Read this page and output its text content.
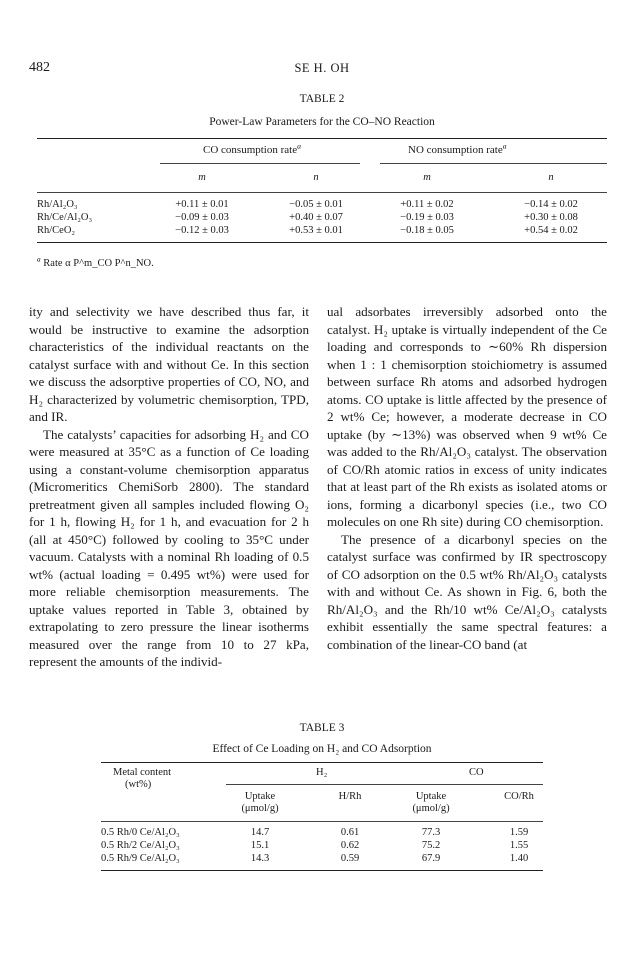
482	SE H. OH
TABLE 2
Power-Law Parameters for the CO–NO Reaction
CO consumption rate$^a$	NO consumption rate$^a$
m	n	m	n
Rh/Al₂O₃	+0.11 ± 0.01	−0.05 ± 0.01	+0.11 ± 0.02	−0.14 ± 0.02
Rh/Ce/Al₂O₃	−0.09 ± 0.03	+0.40 ± 0.07	−0.19 ± 0.03	+0.30 ± 0.08
Rh/CeO₂	−0.12 ± 0.03	+0.53 ± 0.01	−0.18 ± 0.05	+0.54 ± 0.02
$^a$ Rate α P^m_CO P^n_NO.

ity and selectivity we have described thus far, it would be instructive to examine the adsorption characteristics of the individual reactants on the catalyst surface with and without Ce. In this section we discuss the adsorptive properties of CO, NO, and H₂ characterized by volumetric chemisorption, TPD, and IR.

The catalysts’ capacities for adsorbing H₂ and CO were measured at 35°C as a function of Ce loading using a constant-volume chemisorption apparatus (Micromeritics ChemiSorb 2800). The standard pretreatment given all samples included flowing O₂ for 1 h, flowing H₂ for 1 h, and evacuation for 2 h (all at 450°C) followed by cooling to 35°C under vacuum. Catalysts with a nominal Rh loading of 0.5 wt% (actual loading = 0.495 wt%) were used for more reliable chemisorption measurements. The uptake values reported in Table 3, obtained by extrapolating to zero pressure the linear isotherms measured over the range from 10 to 27 kPa, represent the amounts of the individ-

ual adsorbates irreversibly adsorbed onto the catalyst. H₂ uptake is virtually independent of the Ce loading and corresponds to ∼60% Rh dispersion when 1 : 1 chemisorption stoichiometry is assumed between surface Rh atoms and adsorbed hydrogen atoms. CO uptake is little affected by the presence of 2 wt% Ce; however, a moderate decrease in CO uptake (by ∼13%) was observed when 9 wt% Ce was added to the Rh/Al₂O₃ catalyst. The observation of CO/Rh atomic ratios in excess of unity indicates that at least part of the Rh exists as isolated atoms or ions, forming a dicarbonyl species (i.e., two CO molecules on one Rh site) during CO chemisorption.

The presence of a dicarbonyl species on the catalyst surface was confirmed by IR spectroscopy of CO adsorption on the 0.5 wt% Rh/Al₂O₃ catalysts with and without Ce. As shown in Fig. 6, both the Rh/Al₂O₃ and the Rh/10 wt% Ce/Al₂O₃ catalysts exhibit essentially the same spectral features: a combination of the linear-CO band (at

TABLE 3
Effect of Ce Loading on H₂ and CO Adsorption
Metal content
(wt%)
H₂	CO
Uptake
(μmol/g)
H/Rh	Uptake
(μmol/g)
CO/Rh
0.5 Rh/0 Ce/Al₂O₃	14.7	0.61	77.3	1.59
0.5 Rh/2 Ce/Al₂O₃	15.1	0.62	75.2	1.55
0.5 Rh/9 Ce/Al₂O₃	14.3	0.59	67.9	1.40
